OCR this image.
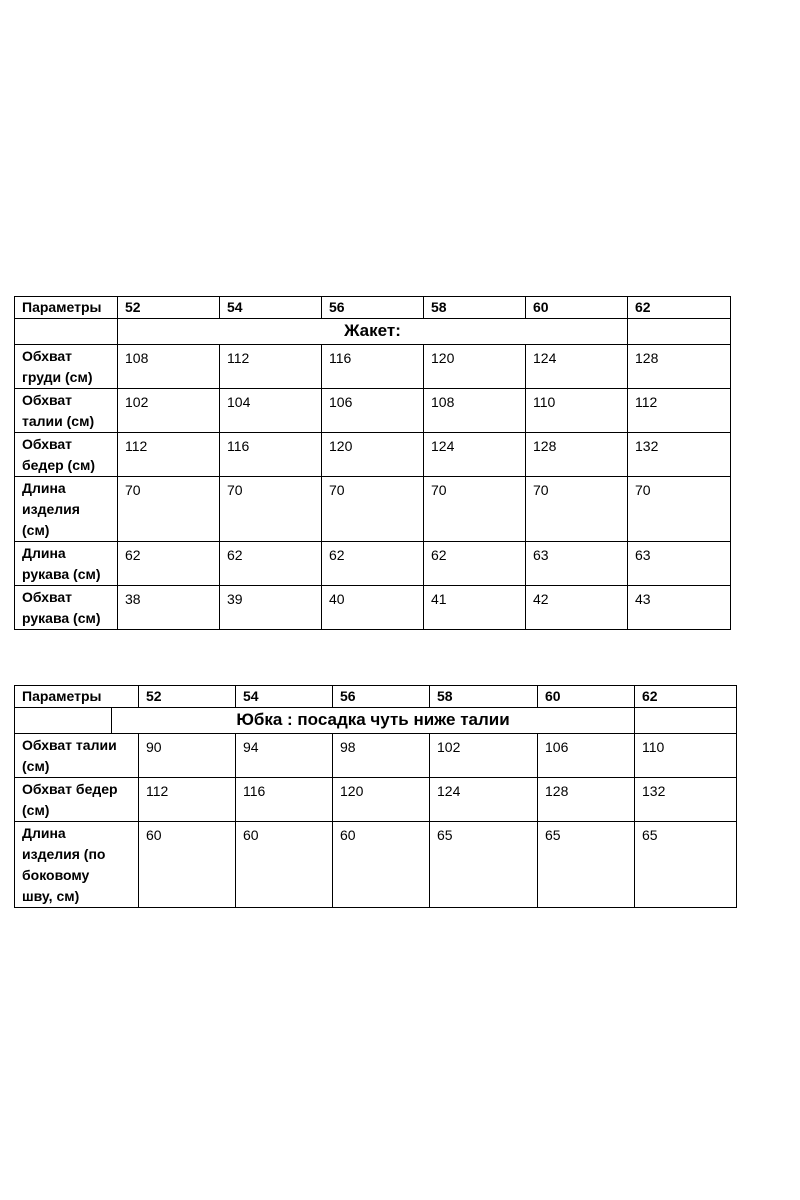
Параметры	52	54	56	58	60	62
	Жакет:					
Обхват
груди (см)	108	112	116	120	124	128
Обхват
талии (см)	102	104	106	108	110	112
Обхват
бедер (см)	112	116	120	124	128	132
Длина
изделия
(см)	70	70	70	70	70	70
Длина
рукава (см)	62	62	62	62	63	63
Обхват
рукава (см)	38	39	40	41	42	43
Параметры		52	54	56	58	60	62
	Юбка : посадка чуть ниже талии						
Обхват талии
(см)		90	94	98	102	106	110
Обхват бедер
(см)		112	116	120	124	128	132
Длина
изделия (по
боковому
шву, см)		60	60	60	65	65	65
